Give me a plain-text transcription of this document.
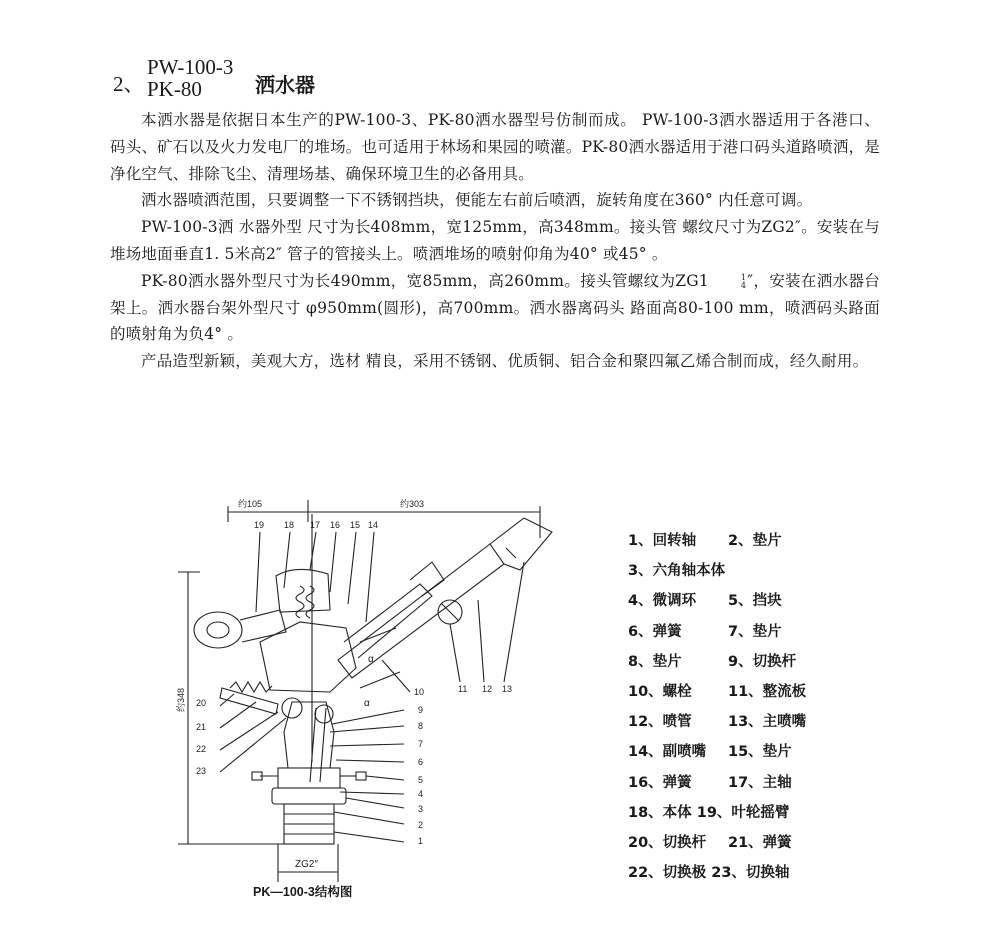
2、
PW-100-3
PK-80	洒水器

本洒水器是依据日本生产的PW-100-3、PK-80洒水器型号仿制而成。 PW-100-3洒水器适用于各港口、码头、矿石以及火力发电厂的堆场。也可适用于林场和果园的喷灌。PK-80洒水器适用于港口码头道路喷洒，是净化空气、排除飞尘、清理场基、确保环境卫生的必备用具。

洒水器喷洒范围，只要调整一下不锈钢挡块，便能左右前后喷洒，旋转角度在360° 内任意可调。

PW-100-3洒 水器外型 尺寸为长408mm，宽125mm，高348mm。接头管 螺纹尺寸为ZG2″。安装在与堆场地面垂直1. 5米高2″ 管子的管接头上。喷洒堆场的喷射仰角为40° 或45° 。

PK-80洒水器外型尺寸为长490mm，宽85mm，高260mm。接头管螺纹为ZG1	1
4 ″，安装在洒水器台架上。洒水器台架外型尺寸 φ950mm(圆形)，高700mm。洒水器离码头 路面高80-100 mm，喷洒码头路面的喷射角为负4° 。

产品造型新颖，美观大方，选材 精良，采用不锈钢、优质铜、铝合金和聚四氟乙烯合制而成，经久耐用。

约105	约303
约348
α
α
ZG2″
1
2
3
4
5
6
7
8
9
10	11 12 13
14
15
16
17
18
19
20
21
22
23
PK—100-3结构图
1、回转轴 2、垫片
3、六角轴本体
4、微调环 5、挡块
6、弹簧	7、垫片
8、垫片	9、切换杆
10、螺栓	11、整流板
12、喷管	13、主喷嘴
14、副喷嘴 15、垫片
16、弹簧	17、主轴
18、本体 19、叶轮摇臂
20、切换杆 21、弹簧
22、切换极 23、切换轴
